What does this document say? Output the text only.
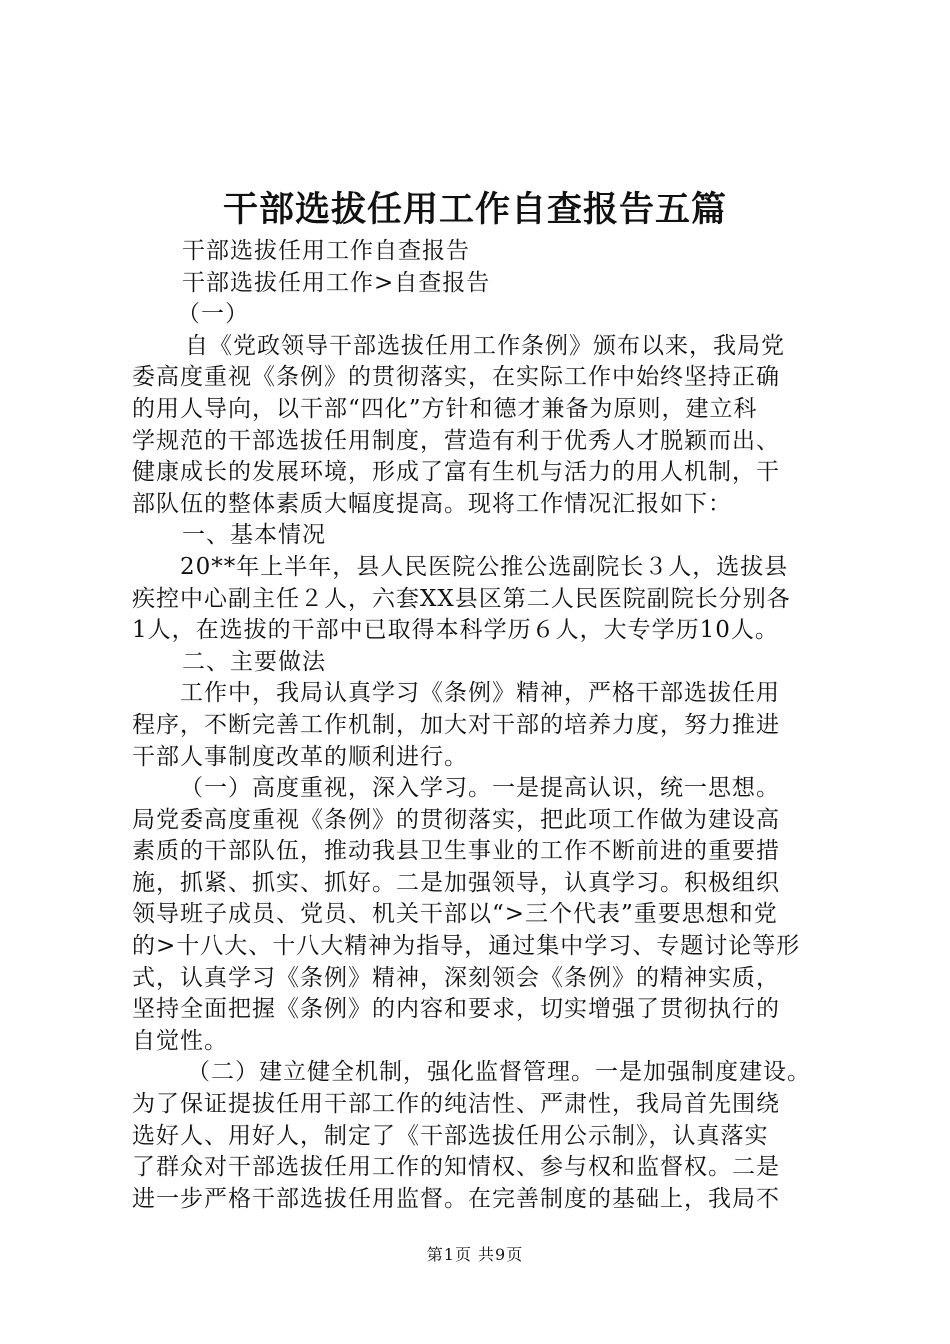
干部选拔任用工作自查报告五篇
干部选拔任用工作自查报告
干部选拔任用工作>自查报告
（一）
自《党政领导干部选拔任用工作条例》颁布以来，我局党
委高度重视《条例》的贯彻落实，在实际工作中始终坚持正确
的用人导向，以干部“四化”方针和德才兼备为原则，建立科
学规范的干部选拔任用制度，营造有利于优秀人才脱颖而出、
健康成长的发展环境，形成了富有生机与活力的用人机制，干
部队伍的整体素质大幅度提高。现将工作情况汇报如下：
一、基本情况
20**年上半年，县人民医院公推公选副院长３人，选拔县
疾控中心副主任２人，六套XX县区第二人民医院副院长分别各
1人，在选拔的干部中已取得本科学历６人，大专学历10人。
二、主要做法
工作中，我局认真学习《条例》精神，严格干部选拔任用
程序，不断完善工作机制，加大对干部的培养力度，努力推进
干部人事制度改革的顺利进行。
（一）高度重视，深入学习。一是提高认识，统一思想。
局党委高度重视《条例》的贯彻落实，把此项工作做为建设高
素质的干部队伍，推动我县卫生事业的工作不断前进的重要措
施，抓紧、抓实、抓好。二是加强领导，认真学习。积极组织
领导班子成员、党员、机关干部以“>三个代表”重要思想和党
的>十八大、十八大精神为指导，通过集中学习、专题讨论等形
式，认真学习《条例》精神，深刻领会《条例》的精神实质，
坚持全面把握《条例》的内容和要求，切实增强了贯彻执行的
自觉性。
（二）建立健全机制，强化监督管理。一是加强制度建设。
为了保证提拔任用干部工作的纯洁性、严肃性，我局首先围绕
选好人、用好人，制定了《干部选拔任用公示制》，认真落实
了群众对干部选拔任用工作的知情权、参与权和监督权。二是
进一步严格干部选拔任用监督。在完善制度的基础上，我局不
第1页 共9页
